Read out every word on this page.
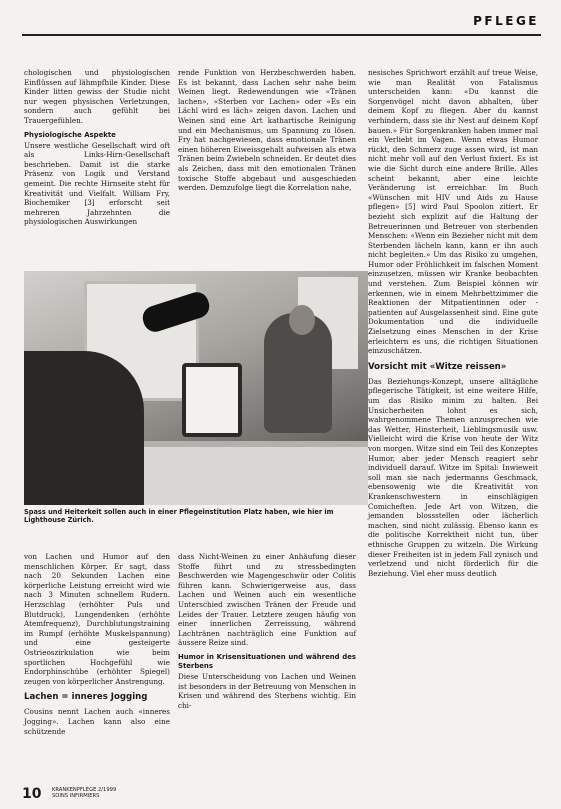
PFLEGE

chologischen und physiologischen Einflüssen auf lähmpfhile Kinder. Diese Kinder litten gewiss der Studie nicht nur wegen physischen Verletzungen, sondern auch gefühlt bei Trauergefühlen.

Physiologische Aspekte

Unsere westliche Gesellschaft wird oft als Links-Hirn-Gesellschaft beschrieben. Damit ist die starke Präsenz von Logik und Verstand gemeint. Die rechte Hirnseite steht für Kreativität und Vielfalt. William Fry, Biochemiker [3] erforscht seit mehreren Jahrzehnten die physiologischen Auswirkungen

rende Funktion von Herzbeschwerden haben. Es ist bekannt, dass Lachen sehr nahe beim Weinen liegt. Redewendungen wie «Tränen lachen», «Sterben vor Lachen» oder «Es ein Lächl wird es läch» zeigen davon. Lachen und Weinen sind eine Art kathartische Reinigung und ein Mechanismus, um Spannung zu lösen. Fry hat nachgewiesen, dass emotionale Tränen einen höheren Eiweissgehalt aufweisen als etwa Tränen beim Zwiebeln schneiden. Er deutet dies als Zeichen, dass mit den emotionalen Tränen toxische Stoffe abgebaut und ausgeschieden werden. Demzufolge liegt die Korrelation nahe,

nesisches Sprichwort erzählt auf treue Weise, wie man Realität von Fatalismus unterscheiden kann: «Du kannst die Sorgenvögel nicht davon abhalten, über deinem Kopf zu fliegen. Aber du kannst verhindern, dass sie ihr Nest auf deinem Kopf bauen.» Für Sorgenkranken haben immer mal ein Verliebt im Vagen. Wenn etwas Humor rückt, den Schmerz zuge assen wird, ist man nicht mehr voll auf den Verlust fixiert. Es ist wie die Sicht durch eine andere Brille. Alles scheint bekannt, aber eine leichte Veränderung ist erreichbar. Im Buch «Wünschen mit HIV und Aids zu Hause pflegen» [5] wird Paul Spoolon zitiert. Er bezieht sich explizit auf die Haltung der Betreuerinnen und Betreuer von sterbenden Menschen: «Wenn ein Bezieher nicht mit dem Sterbenden lächeln kann, kann er ihn auch nicht begleiten.» Um das Risiko zu umgehen, Humor oder Fröhlichkeit im falschen Moment einzusetzen, müssen wir Kranke beobachten und verstehen. Zum Beispiel können wir erkennen, wie in einem Mehrbettzimmer die Reaktionen der Mitpatientinnen oder -patienten auf Ausgelassenheit sind. Eine gute Dokumentation und die individuelle Zielsetzung eines Menschen in der Krise erleichtern es uns, die richtigen Situationen einzuschätzen.

Vorsicht mit «Witze reissen»

Das Beziehungs-Konzept, unsere alltägliche pflegerische Tätigkeit, ist eine weitere Hilfe, um das Risiko minim zu halten. Bei Unsicherheiten lohnt es sich, wahrgenommene Themen anzusprechen wie das Wetter, Hinsterheit, Lieblingsmusik usw. Vielleicht wird die Krise von heute der Witz von morgen. Witze sind ein Teil des Konzeptes Humor, aber jeder Mensch reagiert sehr individuell darauf. Witze im Spital: Inwieweit soll man sie nach jedermanns Geschmack, ebensowenig wie die Kreativität von Krankenschwestern in einschlägigen Comicheften. Jede Art von Witzen, die jemanden blossstellen oder lächerlich machen, sind nicht zulässig. Ebenso kann es die politische Korrektheit nicht tun, über ethnische Gruppen zu witzeln. Die Wirkung dieser Freiheiten ist in jedem Fall zynisch und verletzend und nicht förderlich für die Beziehung. Viel eher muss deutlich

Spass und Heiterkeit sollen auch in einer Pflegeinstitution Platz haben, wie hier im Lighthouse Zürich.

von Lachen und Humor auf den menschlichen Körper. Er sagt, dass nach 20 Sekunden Lachen eine körperliche Leistung erreicht wird wie nach 3 Minuten schnellem Rudern. Herzschlag (erhöhter Puls und Blutdruck), Lungendenken (erhöhte Atemfrequenz), Durchblutungstraining im Rumpf (erhöhte Muskelspannung) und eine gesteigerte Ostrieoszirkulation wie beim sportlichen Hochgefühl wie Endorphinschübe (erhöhter Spiegel) zeugen von körperlicher Anstrengung.

Lachen = inneres Jogging

Cousins nennt Lachen auch «inneres Jogging». Lachen kann also eine schützende

dass Nicht-Weinen zu einer Anhäufung dieser Stoffe führt und zu stressbedingten Beschwerden wie Magengeschwür oder Colitis führen kann. Schwierigerweise aus, dass Lachen und Weinen auch ein wesentliche Unterschied zwischen Tränen der Freude und Leides der Trauer. Letztere zeugen häufig von einer innerlichen Zerreissung, während Lachtränen nachträglich eine Funktion auf äussere Reize sind.

Humor in Krisensituationen und während des Sterbens

Diese Unterscheidung von Lachen und Weinen ist besonders in der Betreuung von Menschen in Krisen und während des Sterbens wichtig. Ein chi-

10 KRANKENPFLEGE 2/1999
SOINS INFIRMIERS
